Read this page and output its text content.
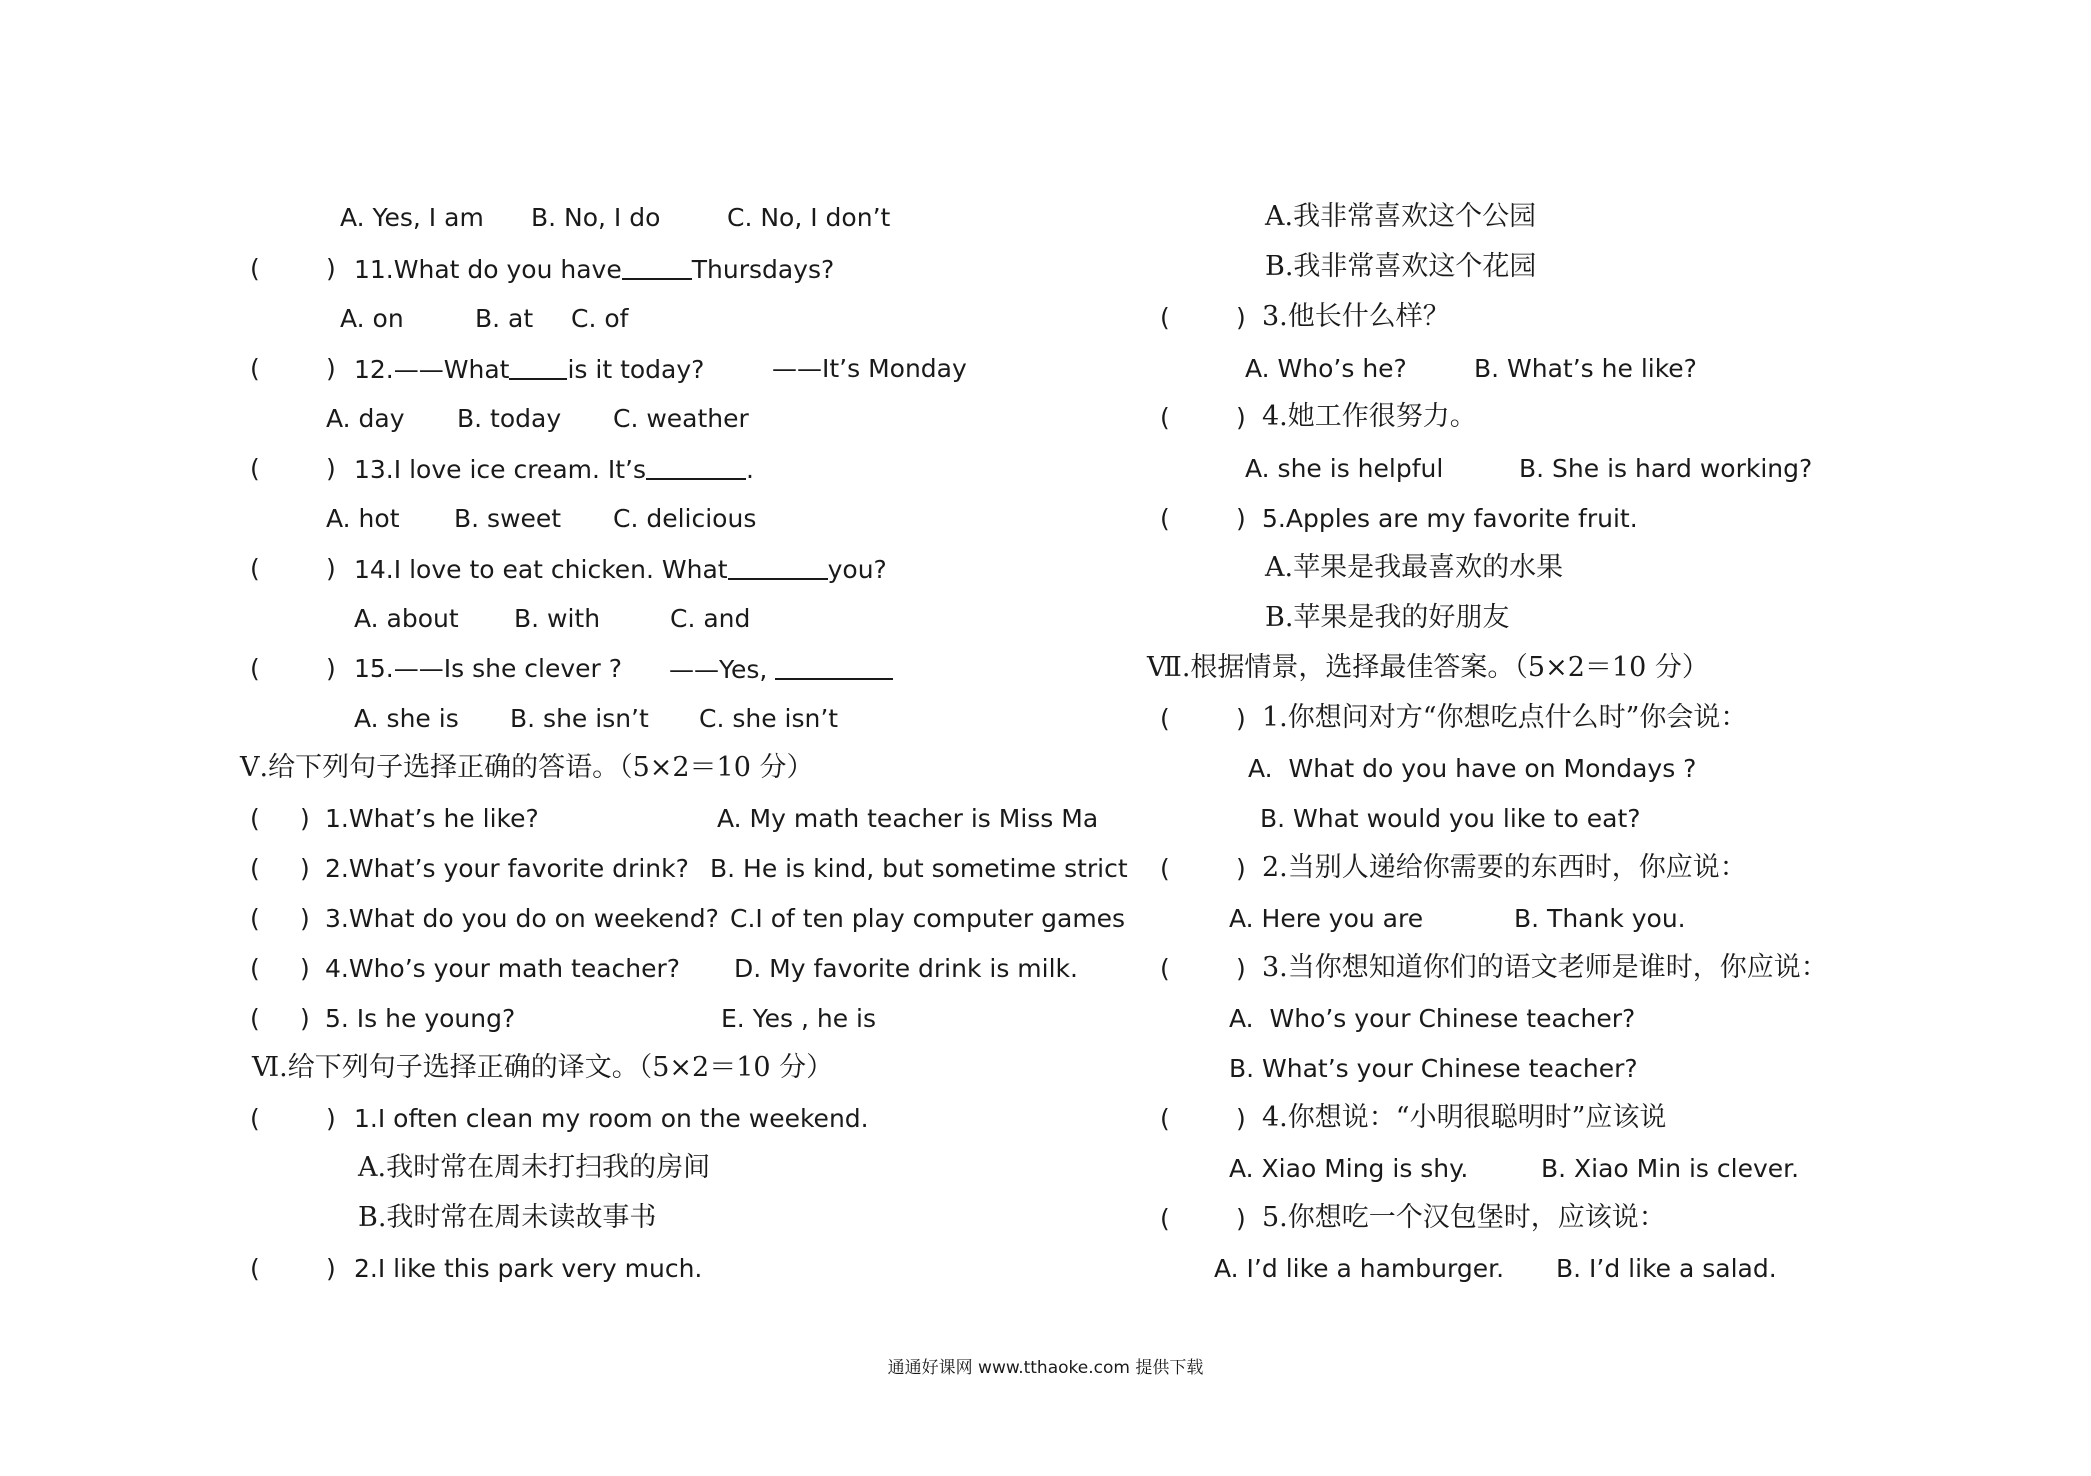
A. Yes, I am B. No, I do	C. No, I don’t
(	) 11.What do you have	Thursdays?
A. on	B. at C. of
(	) 12.——What is it today?	——It’s Monday
A. day B. today C. weather
(	) 13.I love ice cream. It’s	.
A. hot B. sweet C. delicious
(	) 14.I love to eat chicken. What	you?
A. about B. with	C. and
(	) 15.——Is she clever ? ——Yes,
A. she is B. she isn’t C. she isn’t
Ⅴ.给下列句子选择正确的答语。（5×2＝10 分）
( ) 1.What’s he like?	A. My math teacher is Miss Ma
( ) 2.What’s your favorite drink? B. He is kind, but sometime strict
( ) 3.What do you do on weekend? C.I of ten play computer games
( ) 4.Who’s your math teacher? D. My favorite drink is milk.
( ) 5. Is he young?	E. Yes , he is
Ⅵ.给下列句子选择正确的译文。（5×2＝10 分）
(	) 1.I often clean my room on the weekend.
A.我时常在周未打扫我的房间
B.我时常在周未读故事书
(	) 2.I like this park very much.
A.我非常喜欢这个公园
B.我非常喜欢这个花园
(	) 3.他长什么样？
A. Who’s he?	B. What’s he like?
(	) 4.她工作很努力。
A. she is helpful	B. She is hard working?
(	) 5.Apples are my favorite fruit.
A.苹果是我最喜欢的水果
B.苹果是我的好朋友
Ⅶ.根据情景，选择最佳答案。（5×2＝10 分）
(	) 1.你想问对方“你想吃点什么时”你会说：
A.  What do you have on Mondays ?
B. What would you like to eat?
(	) 2.当别人递给你需要的东西时，你应说：
A. Here you are	B. Thank you.
(	) 3.当你想知道你们的语文老师是谁时，你应说：
A.  Who’s your Chinese teacher?
B. What’s your Chinese teacher?
(	) 4.你想说：“小明很聪明时”应该说
A. Xiao Ming is shy.	B. Xiao Min is clever.
(	) 5.你想吃一个汉包堡时，应该说：
A. I’d like a hamburger. B. I’d like a salad.
通通好课网 www.tthaoke.com 提供下载
